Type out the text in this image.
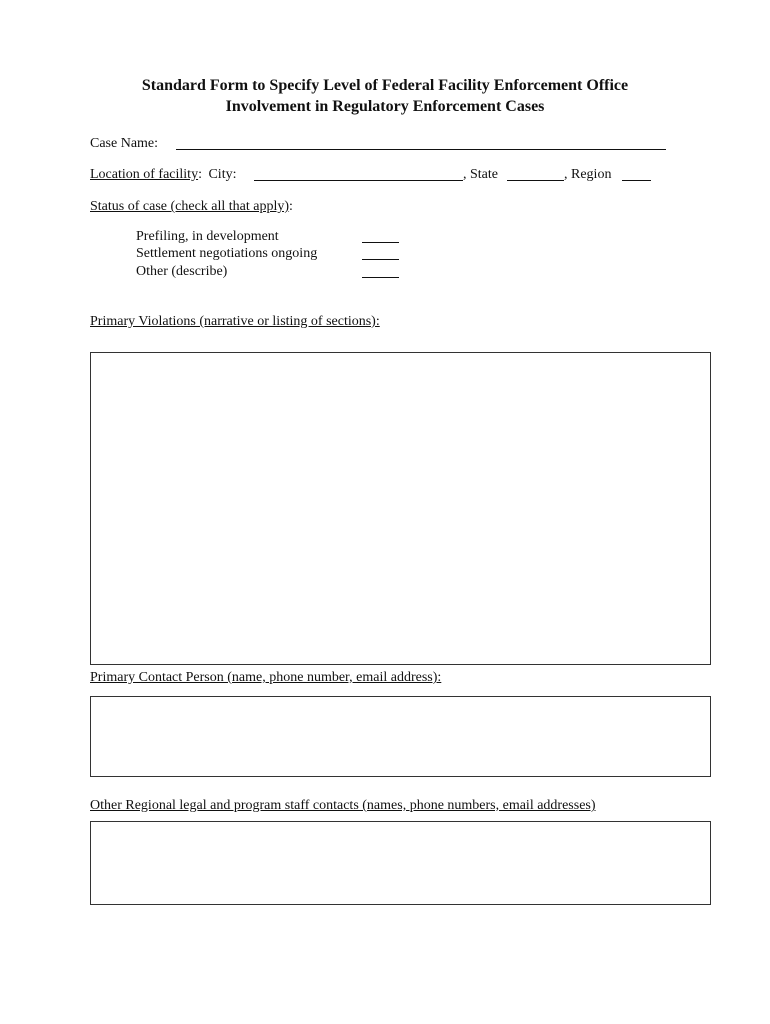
Standard Form to Specify Level of Federal Facility Enforcement Office
Involvement in Regulatory Enforcement Cases
Case Name:
Location of facility: City:	, State	, Region
Status of case (check all that apply):
Prefiling, in development
Settlement negotiations ongoing
Other (describe)
Primary Violations (narrative or listing of sections):
Primary Contact Person (name, phone number, email address):
Other Regional legal and program staff contacts (names, phone numbers, email addresses)
